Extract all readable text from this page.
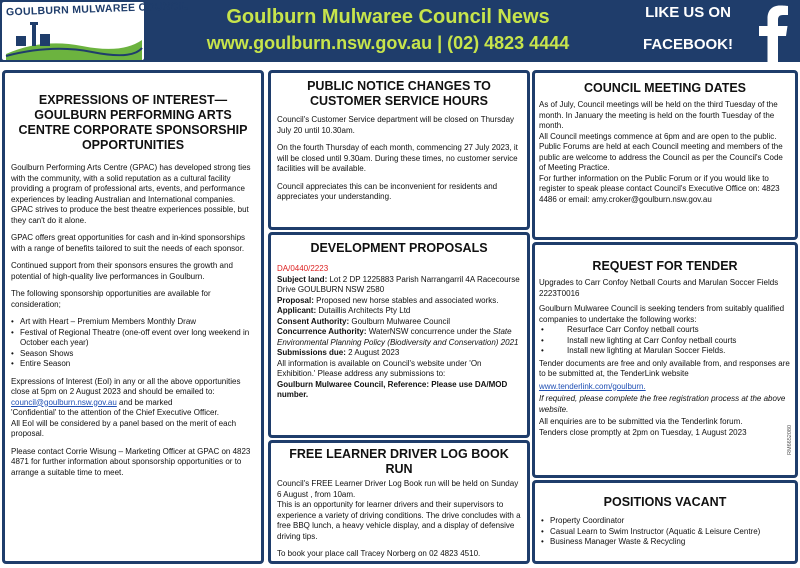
GOULBURN MULWAREE COUNCIL	Goulburn Mulwaree Council News
www.goulburn.nsw.gov.au | (02) 4823 4444
LIKE US ON
FACEBOOK!
EXPRESSIONS OF INTEREST—GOULBURN PERFORMING ARTS CENTRE CORPORATE SPONSORSHIP OPPORTUNITIES

Goulburn Performing Arts Centre (GPAC) has developed strong ties with the community, with a solid reputation as a cultural facility providing a program of professional arts, events, and performance experiences by leading Australian and International companies. GPAC strives to produce the best theatre experiences possible, but they can't do it alone.

GPAC offers great opportunities for cash and in-kind sponsorships with a range of benefits tailored to suit the needs of each sponsor.

Continued support from their sponsors ensures the growth and potential of high-quality live performances in Goulburn.

The following sponsorship opportunities are available for consideration;

• Art with Heart – Premium Members Monthly Draw
• Festival of Regional Theatre (one-off event over long weekend in October each year)
• Season Shows
• Entire Season

Expressions of Interest (EoI) in any or all the above opportunities close at 5pm on 2 August 2023 and should be emailed to:

council@goulburn.nsw.gov.au and be marked
'Confidential' to the attention of the Chief Executive Officer.

All EoI will be considered by a panel based on the merit of each proposal.

Please contact Corrie Wisung – Marketing Officer at GPAC on 4823 4871 for further information about sponsorship opportunities or to arrange a suitable time to meet.

PUBLIC NOTICE CHANGES TO CUSTOMER SERVICE HOURS

Council's Customer Service department will be closed on Thursday July 20 until 10.30am.

On the fourth Thursday of each month, commencing 27 July 2023, it will be closed until 9.30am. During these times, no customer service facilities will be available.

Council appreciates this can be inconvenient for residents and appreciates your understanding.

DEVELOPMENT PROPOSALS

DA/0440/2223

Subject land: Lot 2 DP 1225883 Parish Narrangarril 4A Racecourse Drive GOULBURN NSW 2580

Proposal: Proposed new horse stables and associated works.

Applicant: Dutaillis Architects Pty Ltd

Consent Authority: Goulburn Mulwaree Council

Concurrence Authority: WaterNSW concurrence under the State Environmental Planning Policy (Biodiversity and Conservation) 2021

Submissions due: 2 August 2023

All information is available on Council's website under 'On Exhibition.' Please address any submissions to:

Goulburn Mulwaree Council, Reference: Please use DA/MOD number.

FREE LEARNER DRIVER LOG BOOK RUN

Council's FREE Learner Driver Log Book run will be held on Sunday 6 August , from 10am.

This is an opportunity for learner drivers and their supervisors to experience a variety of driving conditions. The drive concludes with a free BBQ lunch, a heavy vehicle display, and a display of defensive driving tips.

To book your place call Tracey Norberg on 02 4823 4510.

COUNCIL MEETING DATES

As of July, Council meetings will be held on the third Tuesday of the month. In January the meeting is held on the fourth Tuesday of the month.

All Council meetings commence at 6pm and are open to the public.

Public Forums are held at each Council meeting and members of the public are welcome to address the Council as per the Council's Code of Meeting Practice.

For further information on the Public Forum or if you would like to register to speak please contact Council's Executive Office on: 4823 4486 or email: amy.croker@goulburn.nsw.gov.au

REQUEST FOR TENDER

Upgrades to Carr Confoy Netball Courts and Marulan Soccer Fields 2223T0016

Goulburn Mulwaree Council is seeking tenders from suitably qualified companies to undertake the following works:

• Resurface Carr Confoy netball courts
• Install new lighting at Carr Confoy netball courts
• Install new lighting at Marulan Soccer Fields.

Tender documents are free and only available from, and responses are to be submitted at, the TenderLink website

www.tenderlink.com/goulburn.

If required, please complete the free registration process at the above website.

All enquiries are to be submitted via the Tenderlink forum.

Tenders close promptly at 2pm on Tuesday, 1 August 2023	RM6652080
POSITIONS VACANT
• Property Coordinator
• Casual Learn to Swim Instructor (Aquatic & Leisure Centre)
• Business Manager Waste & Recycling
